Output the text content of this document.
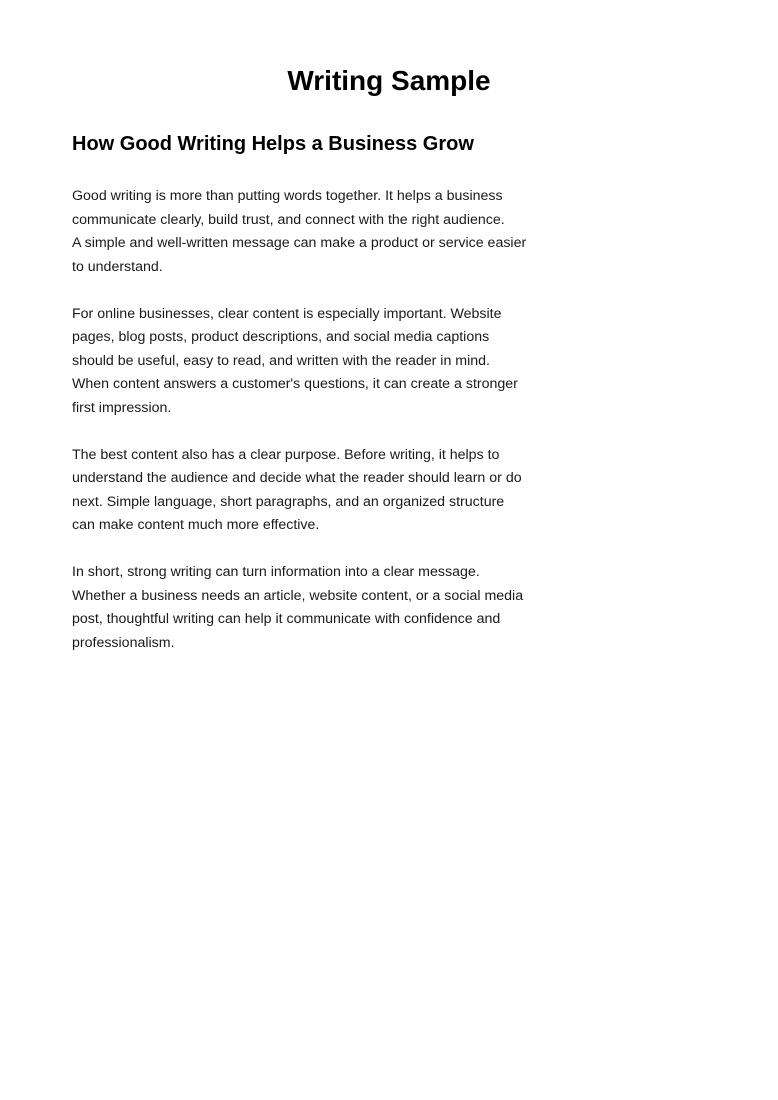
Writing Sample
How Good Writing Helps a Business Grow

Good writing is more than putting words together. It helps a business
communicate clearly, build trust, and connect with the right audience.
A simple and well-written message can make a product or service easier
to understand.

For online businesses, clear content is especially important. Website
pages, blog posts, product descriptions, and social media captions
should be useful, easy to read, and written with the reader in mind.
When content answers a customer's questions, it can create a stronger
first impression.

The best content also has a clear purpose. Before writing, it helps to
understand the audience and decide what the reader should learn or do
next. Simple language, short paragraphs, and an organized structure
can make content much more effective.

In short, strong writing can turn information into a clear message.
Whether a business needs an article, website content, or a social media
post, thoughtful writing can help it communicate with confidence and
professionalism.
